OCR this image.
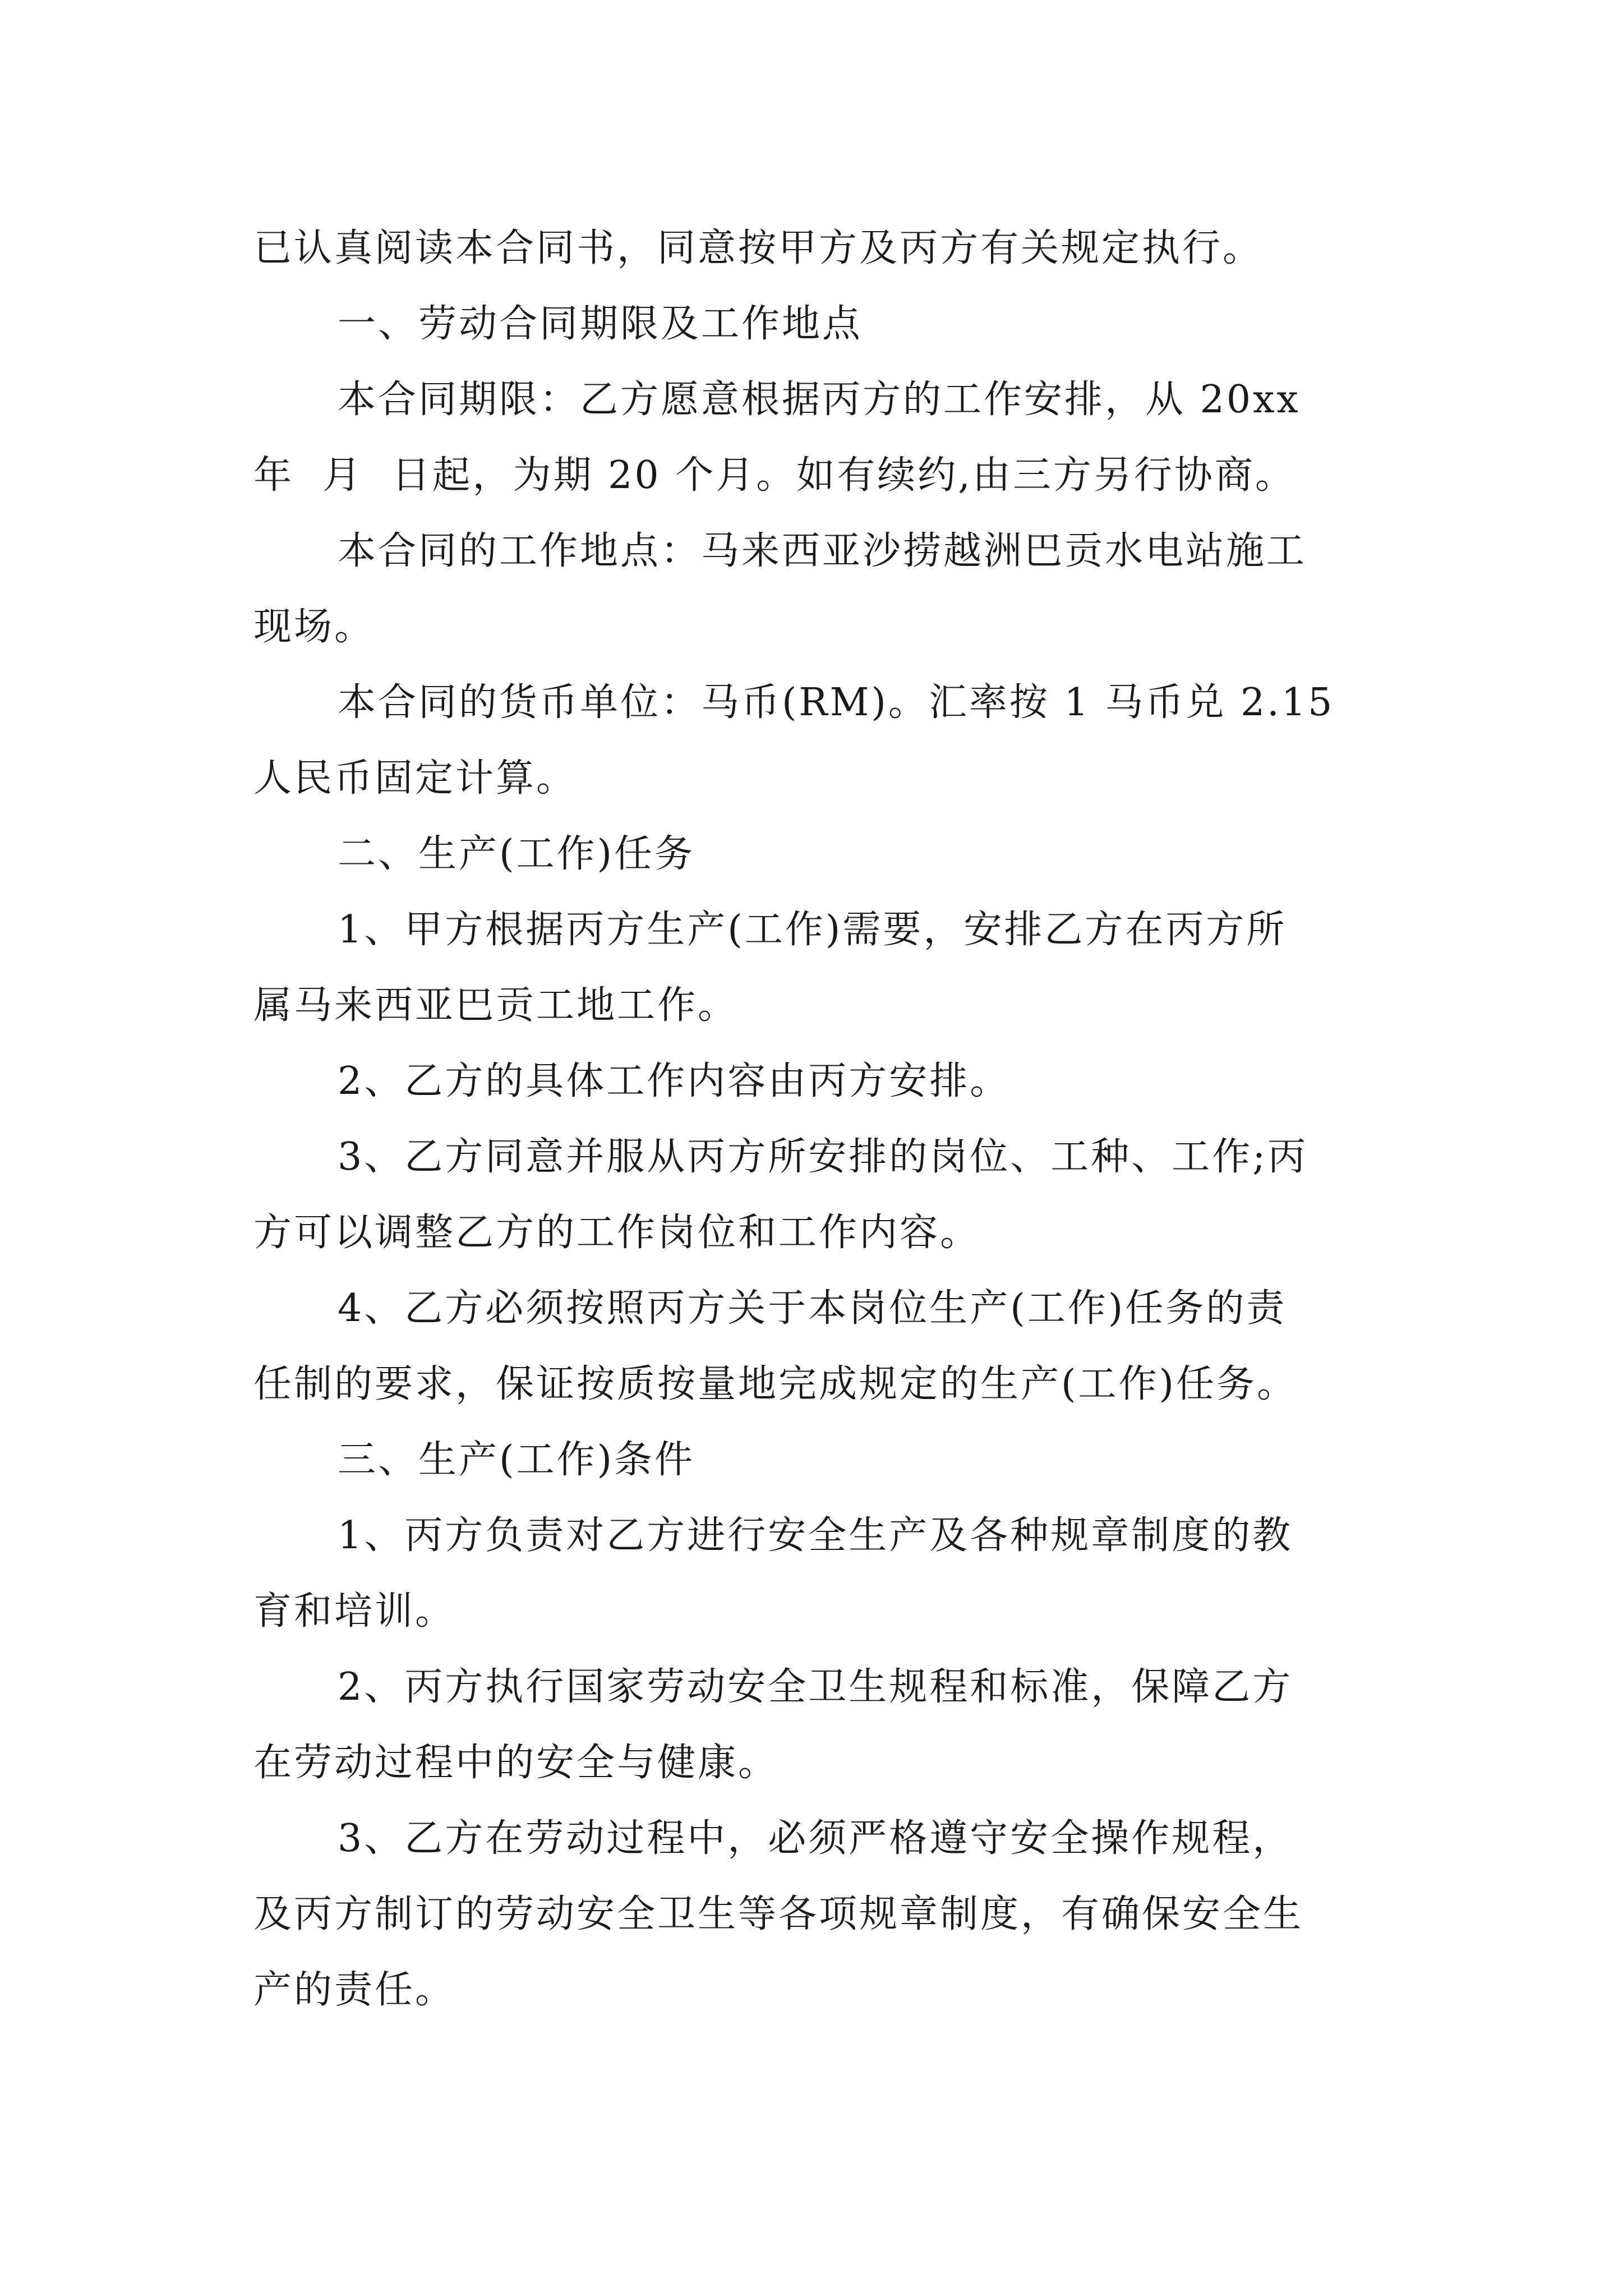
已认真阅读本合同书，同意按甲方及丙方有关规定执行。
一、劳动合同期限及工作地点
本合同期限：乙方愿意根据丙方的工作安排，从 20xx
年  月  日起，为期 20 个月。如有续约,由三方另行协商。
本合同的工作地点：马来西亚沙捞越洲巴贡水电站施工
现场。
本合同的货币单位：马币(RM)。汇率按 1 马币兑 2.15
人民币固定计算。
二、生产(工作)任务
1、甲方根据丙方生产(工作)需要，安排乙方在丙方所
属马来西亚巴贡工地工作。
2、乙方的具体工作内容由丙方安排。
3、乙方同意并服从丙方所安排的岗位、工种、工作;丙
方可以调整乙方的工作岗位和工作内容。
4、乙方必须按照丙方关于本岗位生产(工作)任务的责
任制的要求，保证按质按量地完成规定的生产(工作)任务。
三、生产(工作)条件
1、丙方负责对乙方进行安全生产及各种规章制度的教
育和培训。
2、丙方执行国家劳动安全卫生规程和标准，保障乙方
在劳动过程中的安全与健康。
3、乙方在劳动过程中，必须严格遵守安全操作规程，
及丙方制订的劳动安全卫生等各项规章制度，有确保安全生
产的责任。
